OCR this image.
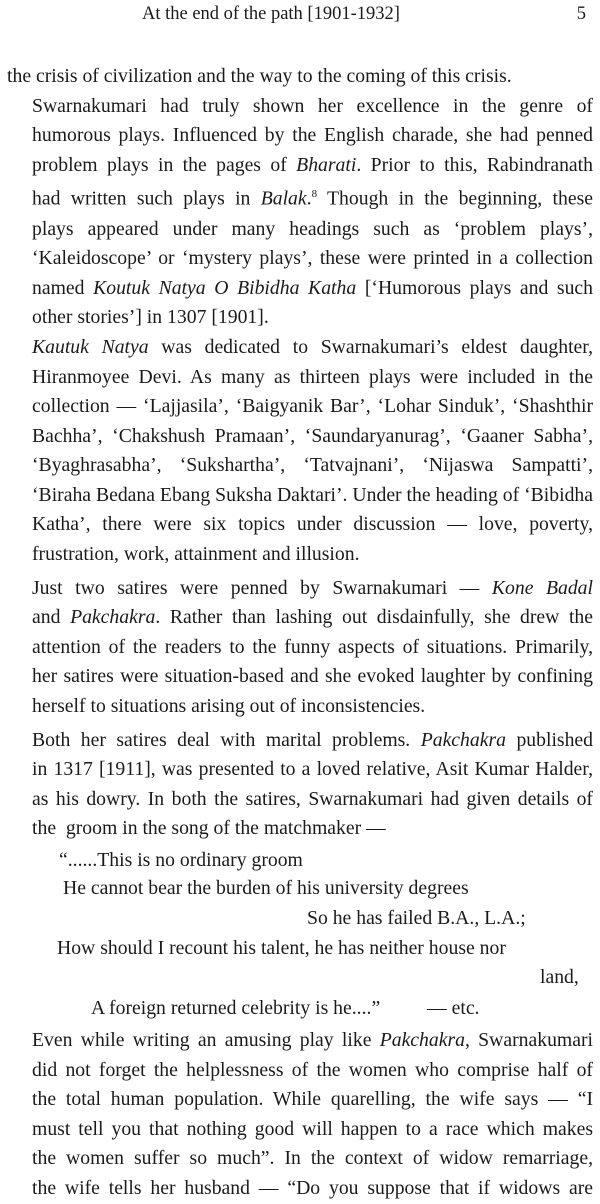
At the end of the path [1901-1932]	5
the crisis of civilization and the way to the coming of this crisis.
Swarnakumari had truly shown her excellence in the genre of
humorous plays. Influenced by the English charade, she had penned
problem plays in the pages of Bharati. Prior to this, Rabindranath
had written such plays in Balak.$^8$ Though in the beginning, these
plays appeared under many headings such as ‘problem plays’,
‘Kaleidoscope’ or ‘mystery plays’, these were printed in a collection
named Koutuk Natya O Bibidha Katha [‘Humorous plays and such
other stories’] in 1307 [1901].
Kautuk Natya was dedicated to Swarnakumari’s eldest daughter,
Hiranmoyee Devi. As many as thirteen plays were included in the
collection — ‘Lajjasila’, ‘Baigyanik Bar’, ‘Lohar Sinduk’, ‘Shashthir
Bachha’, ‘Chakshush Pramaan’, ‘Saundaryanurag’, ‘Gaaner Sabha’,
‘Byaghrasabha’, ‘Sukshartha’, ‘Tatvajnani’, ‘Nijaswa Sampatti’,
‘Biraha Bedana Ebang Suksha Daktari’. Under the heading of ‘Bibidha
Katha’, there were six topics under discussion — love, poverty,
frustration, work, attainment and illusion.
Just two satires were penned by Swarnakumari — Kone Badal
and Pakchakra. Rather than lashing out disdainfully, she drew the
attention of the readers to the funny aspects of situations. Primarily,
her satires were situation-based and she evoked laughter by confining
herself to situations arising out of inconsistencies.
Both her satires deal with marital problems. Pakchakra published
in 1317 [1911], was presented to a loved relative, Asit Kumar Halder,
as his dowry. In both the satires, Swarnakumari had given details of
the  groom in the song of the matchmaker —
“......This is no ordinary groom
He cannot bear the burden of his university degrees
So he has failed B.A., L.A.;
How should I recount his talent, he has neither house nor
land,
A foreign returned celebrity is he....” — etc.
Even while writing an amusing play like Pakchakra, Swarnakumari
did not forget the helplessness of the women who comprise half of
the total human population. While quarelling, the wife says — “I
must tell you that nothing good will happen to a race which makes
the women suffer so much”. In the context of widow remarriage,
the wife tells her husband — “Do you suppose that if widows are
